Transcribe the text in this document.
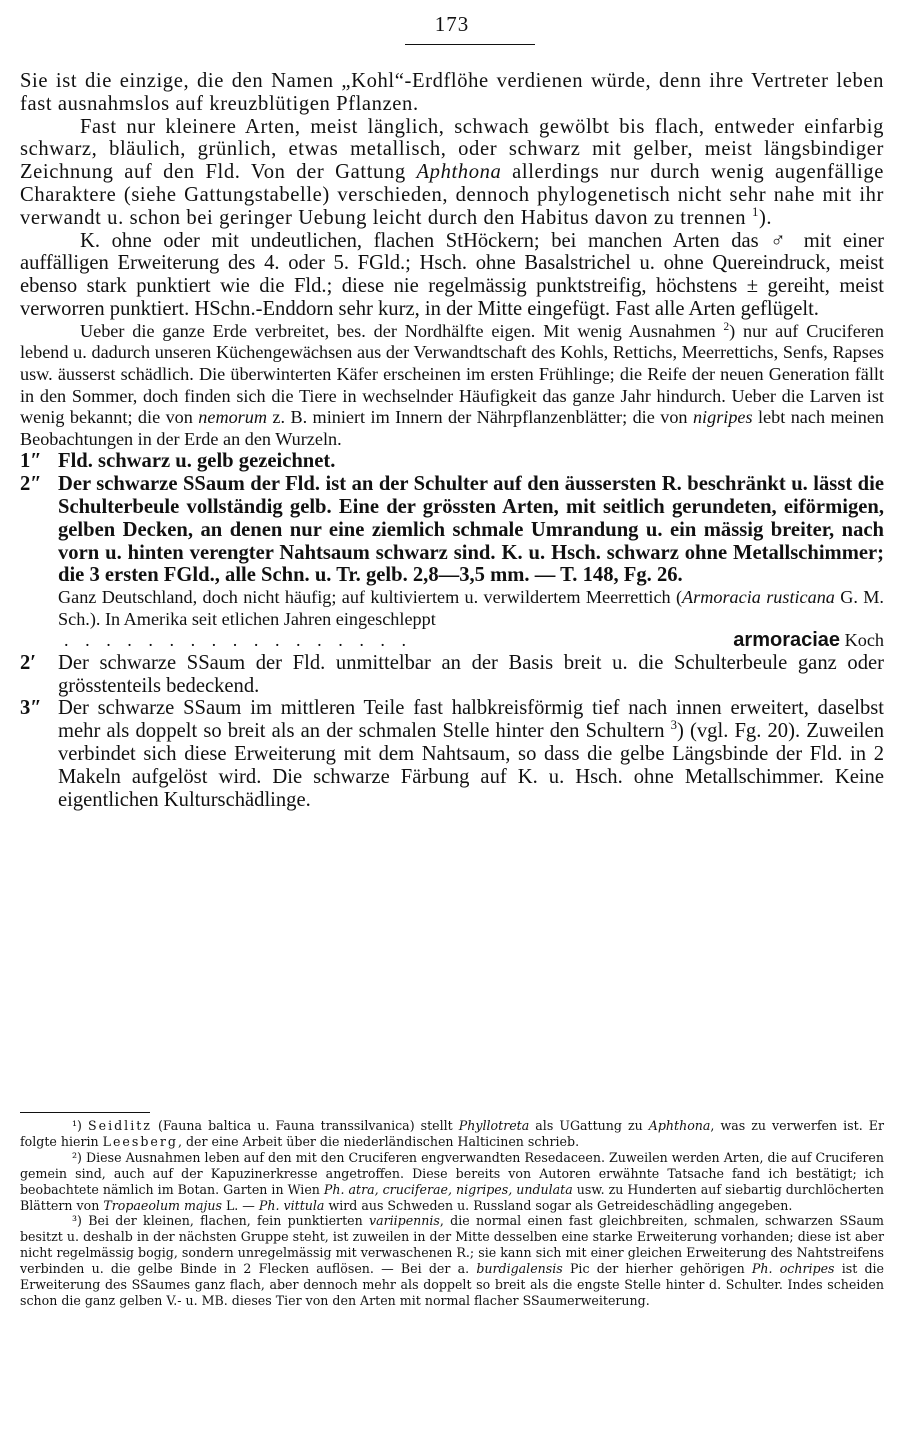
173

Sie ist die einzige, die den Namen „Kohl“-Erdflöhe verdienen würde, denn ihre Vertreter leben fast ausnahmslos auf kreuzblütigen Pflanzen.

Fast nur kleinere Arten, meist länglich, schwach gewölbt bis flach, entweder einfarbig schwarz, bläulich, grünlich, etwas metallisch, oder schwarz mit gelber, meist längsbindiger Zeichnung auf den Fld. Von der Gattung Aphthona allerdings nur durch wenig augenfällige Charaktere (siehe Gattungstabelle) verschieden, dennoch phylogenetisch nicht sehr nahe mit ihr verwandt u. schon bei geringer Uebung leicht durch den Habitus davon zu trennen $^1$).

K. ohne oder mit undeutlichen, flachen StHöckern; bei manchen Arten das ♂ mit einer auffälligen Erweiterung des 4. oder 5. FGld.; Hsch. ohne Basalstrichel u. ohne Quereindruck, meist ebenso stark punktiert wie die Fld.; diese nie regelmässig punktstreifig, höchstens ± gereiht, meist verworren punktiert. HSchn.-Enddorn sehr kurz, in der Mitte eingefügt. Fast alle Arten geflügelt.

Ueber die ganze Erde verbreitet, bes. der Nordhälfte eigen. Mit wenig Ausnahmen $^2$) nur auf Cruciferen lebend u. dadurch unseren Küchengewächsen aus der Verwandtschaft des Kohls, Rettichs, Meerrettichs, Senfs, Rapses usw. äusserst schädlich. Die überwinterten Käfer erscheinen im ersten Frühlinge; die Reife der neuen Generation fällt in den Sommer, doch finden sich die Tiere in wechselnder Häufigkeit das ganze Jahr hindurch. Ueber die Larven ist wenig bekannt; die von nemorum z. B. miniert im Innern der Nährpflanzenblätter; die von nigripes lebt nach meinen Beobachtungen in der Erde an den Wurzeln.

1″ Fld. schwarz u. gelb gezeichnet.

2″ Der schwarze SSaum der Fld. ist an der Schulter auf den äussersten R. beschränkt u. lässt die Schulterbeule vollständig gelb. Eine der grössten Arten, mit seitlich gerundeten, eiförmigen, gelben Decken, an denen nur eine ziemlich schmale Umrandung u. ein mässig breiter, nach vorn u. hinten verengter Nahtsaum schwarz sind. K. u. Hsch. schwarz ohne Metallschimmer; die 3 ersten FGld., alle Schn. u. Tr. gelb. 2,8—3,5 mm. — T. 148, Fg. 26.

Ganz Deutschland, doch nicht häufig; auf kultiviertem u. verwildertem Meerrettich (Armoracia rusticana G. M. Sch.). In Amerika seit etlichen Jahren eingeschleppt
. . . . . . . . . . . . . . . . .	armoraciae
Koch

2′ Der schwarze SSaum der Fld. unmittelbar an der Basis breit u. die Schulterbeule ganz oder grösstenteils bedeckend.

3″ Der schwarze SSaum im mittleren Teile fast halbkreisförmig tief nach innen erweitert, daselbst mehr als doppelt so breit als an der schmalen Stelle hinter den Schultern $^3$) (vgl. Fg. 20). Zuweilen verbindet sich diese Erweiterung mit dem Nahtsaum, so dass die gelbe Längsbinde der Fld. in 2 Makeln aufgelöst wird. Die schwarze Färbung auf K. u. Hsch. ohne Metallschimmer. Keine eigentlichen Kulturschädlinge.

¹) Seidlitz (Fauna baltica u. Fauna transsilvanica) stellt Phyllotreta als UGattung zu Aphthona, was zu verwerfen ist. Er folgte hierin Leesberg, der eine Arbeit über die niederländischen Halticinen schrieb.

²) Diese Ausnahmen leben auf den mit den Cruciferen engverwandten Resedaceen. Zuweilen werden Arten, die auf Cruciferen gemein sind, auch auf der Kapuzinerkresse angetroffen. Diese bereits von Autoren erwähnte Tatsache fand ich bestätigt; ich beobachtete nämlich im Botan. Garten in Wien Ph. atra, cruciferae, nigripes, undulata usw. zu Hunderten auf siebartig durchlöcherten Blättern von Tropaeolum majus L. — Ph. vittula wird aus Schweden u. Russland sogar als Getreideschädling angegeben.

³) Bei der kleinen, flachen, fein punktierten variipennis, die normal einen fast gleichbreiten, schmalen, schwarzen SSaum besitzt u. deshalb in der nächsten Gruppe steht, ist zuweilen in der Mitte desselben eine starke Erweiterung vorhanden; diese ist aber nicht regelmässig bogig, sondern unregelmässig mit verwaschenen R.; sie kann sich mit einer gleichen Erweiterung des Nahtstreifens verbinden u. die gelbe Binde in 2 Flecken auflösen. — Bei der a. burdigalensis Pic der hierher gehörigen Ph. ochripes ist die Erweiterung des SSaumes ganz flach, aber dennoch mehr als doppelt so breit als die engste Stelle hinter d. Schulter. Indes scheiden schon die ganz gelben V.- u. MB. dieses Tier von den Arten mit normal flacher SSaumerweiterung.
